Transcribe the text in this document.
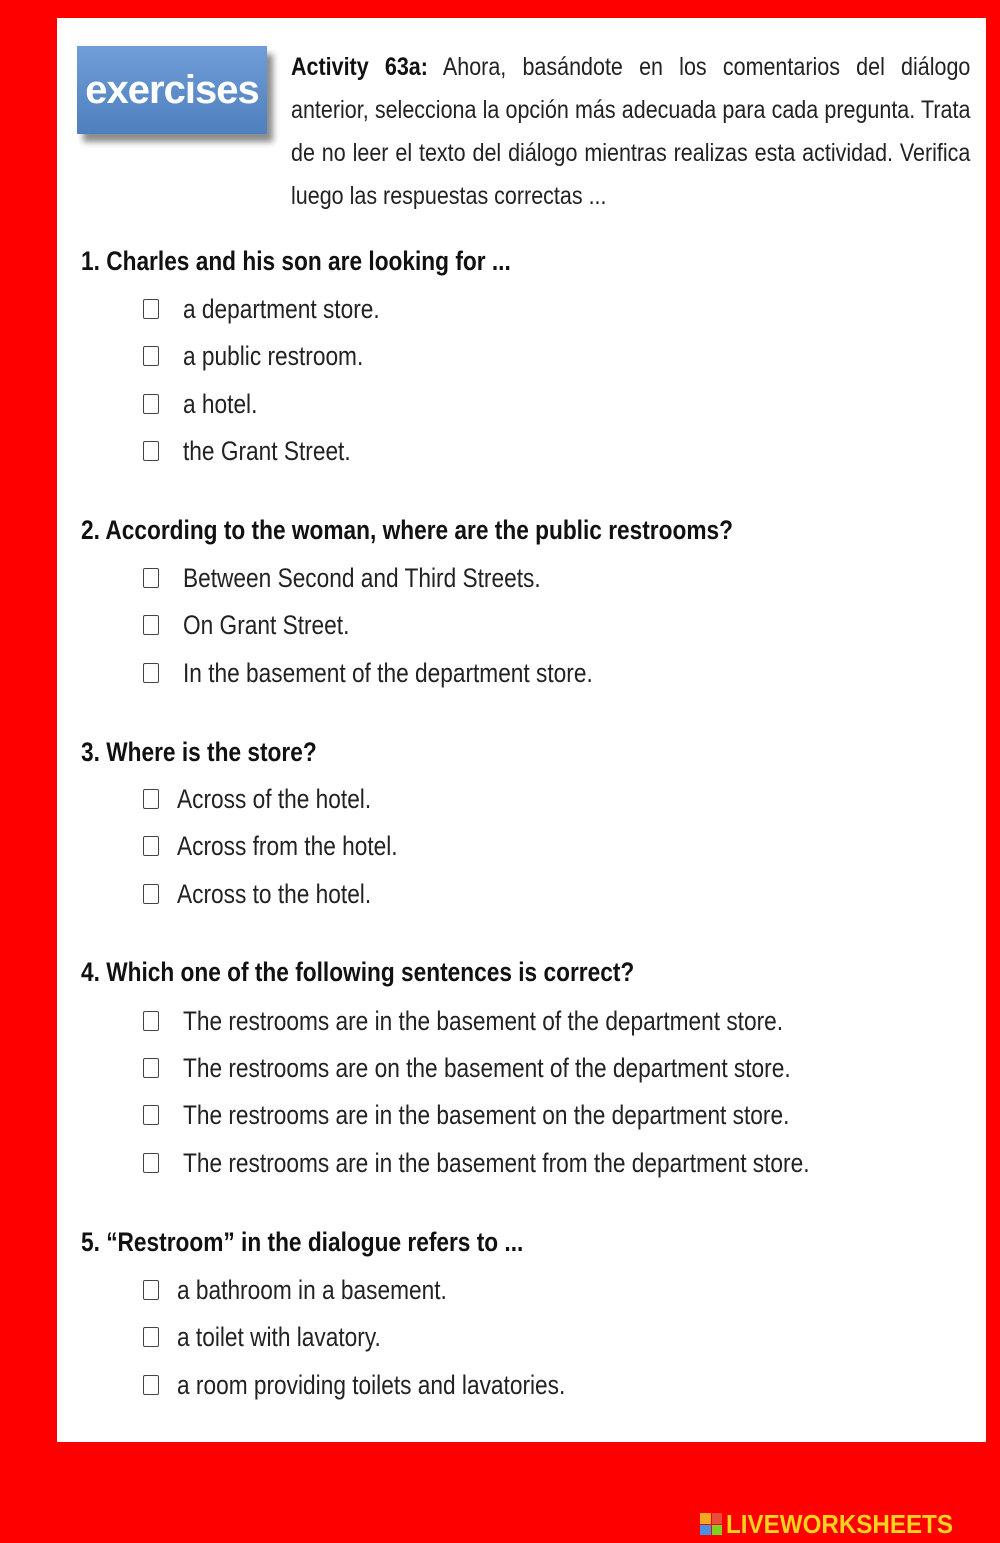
exercises
Activity 63a: Ahora, basándote en los comentarios del diálogo anterior, selecciona la opción más adecuada para cada pregunta. Trata de no leer el texto del diálogo mientras realizas esta actividad. Verifica luego las respuestas correctas ...
1. Charles and his son are looking for ...
a department store.
a public restroom.
a hotel.
the Grant Street.
2. According to the woman, where are the public restrooms?
Between Second and Third Streets.
On Grant Street.
In the basement of the department store.
3. Where is the store?
Across of the hotel.
Across from the hotel.
Across to the hotel.
4. Which one of the following sentences is correct?
The restrooms are in the basement of the department store.
The restrooms are on the basement of the department store.
The restrooms are in the basement on the department store.
The restrooms are in the basement from the department store.
5. “Restroom” in the dialogue refers to ...
a bathroom in a basement.
a toilet with lavatory.
a room providing toilets and lavatories.
LIVEWORKSHEETS
